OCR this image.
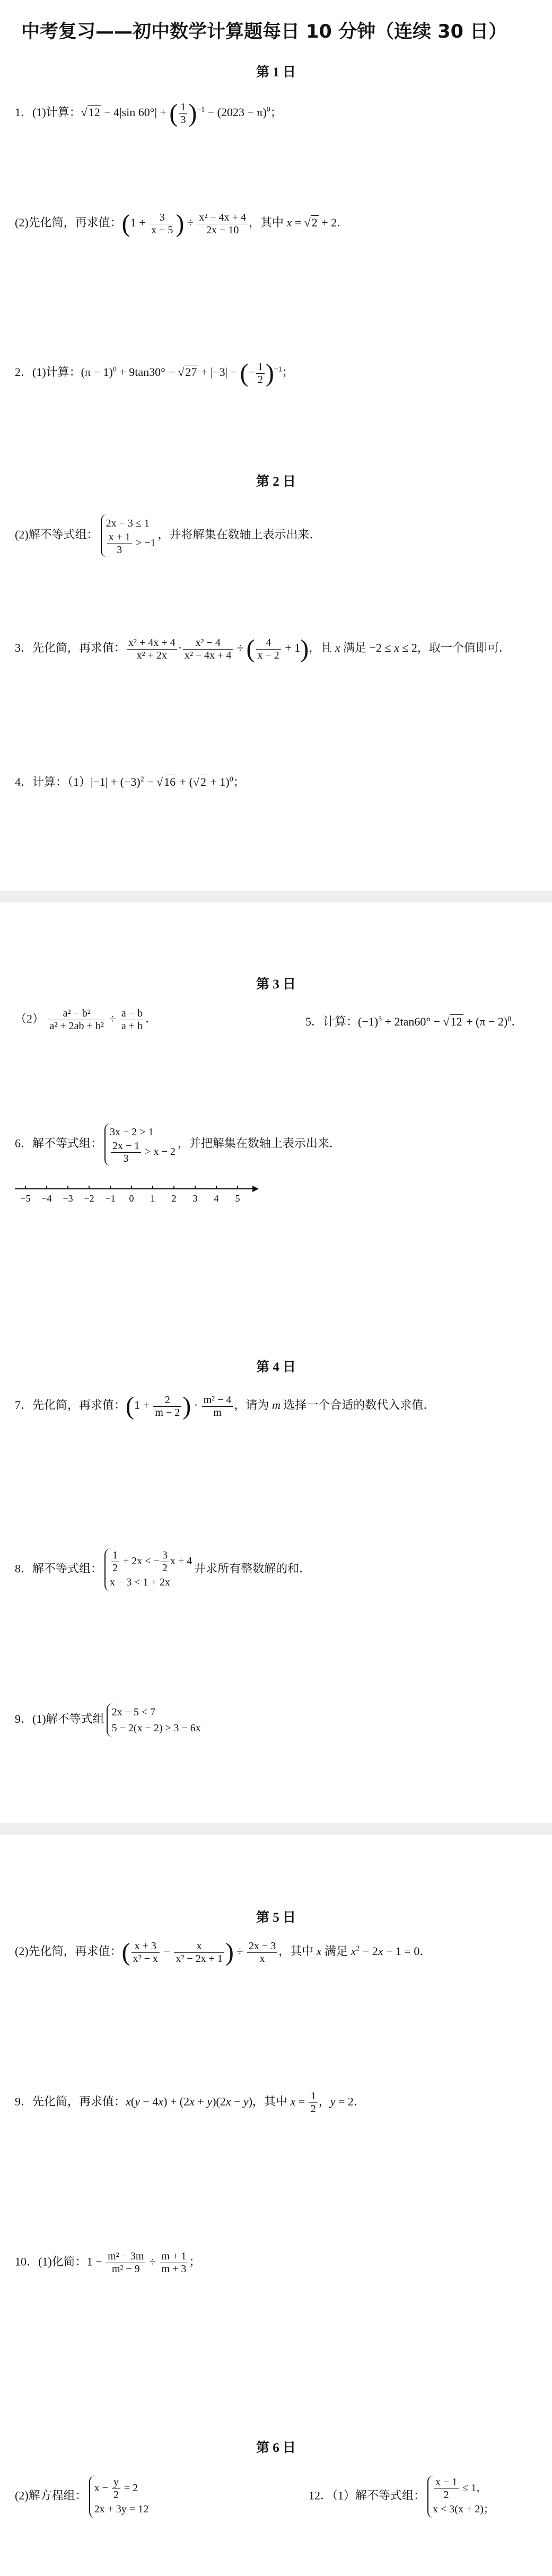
中考复习——初中数学计算题每日 10 分钟（连续 30 日）
第 1 日
1．(1)计算：√12 − 4|sin 60°| + ( $\frac{1}{3} )^{-1} - (2023 - \pi)^0$；
(2)先化简，再求值：($1 + \frac{3}{x - 5}$ ) ÷ $\frac{\text{x² − 4x + 4}}{2x - 10}$ ，其中 x = √2 + 2．
2．(1)计算：$(\pi - 1)^0 + 9\tan 30^\circ - √27 + |-3|$ − (− $\frac{1}{2} )^{-1}$；
第 2 日
(2)解不等式组：
2x − 3 ≤ 1
$\frac{x + 1}{3} > -1$
，并将解集在数轴上表示出来．
3．先化简，再求值： $\frac{\text{x² + 4x + 4}}{\text{x² + 2x}} \cdot \frac{\text{x² − 4}}{\text{x² − 4x + 4}}$ ÷ ( $\frac{4}{x - 2} + 1$)，且 x 满足 −2 ≤ x ≤ 2，取一个值即可．
4．计算：$(1)|-1| + (-3)^2 - √16 + (√2 + 1)^0$；
第 3 日
$(2) \frac{\text{a² − b²}}{\text{a² + 2ab + b²}} \div \frac{a - b}{a + b}$ ．	5．计算：$(-1)^3 + 2\tan 60^\circ - √12 + (\pi - 2)^0$．
6．解不等式组：
3x − 2 > 1
$\frac{2x - 1}{3} > x - 2$
，并把解集在数轴上表示出来．
−5 −4 −3 −2 −1 0 1 2 3 4 5
第 4 日
7．先化简，再求值：($1 + \frac{2}{m - 2}$ ) · $\frac{\text{m² − 4}}{m}$ ，请为 m 选择一个合适的数代入求值．
8．解不等式组： $\frac{1}{2} + 2x$ < − $\frac{3}{2}$ x + 4
x − 3 < 1 + 2x
并求所有整数解的和．
9．(1)解不等式组
2x − 5 < 7
5 − 2(x − 2) ≥ 3 − 6x
第 5 日
(2)先化简，再求值：( $\frac{x + 3}{\text{x² − x}} - \frac{x}{\text{x² − 2x + 1}}$ ) ÷ $\frac{2x - 3}{x}$ ，其中 x 满足 $x^2 - 2x - 1 = 0$．
9．先化简，再求值：x(y − 4x) + (2x + y)(2x − y)，其中 $x = \frac{1}{2}$ ，y = 2．
10．(1)化简：$1 - \frac{\text{m² − 3m}}{\text{m² − 9}} \div \frac{m + 1}{m + 3}$ ；
第 6 日
(2)解方程组：
$x - \frac{y}{2} = 2$
2x + 3y = 12
12．（1）解不等式组： $\frac{x - 1}{2} \le 1$，
x < 3(x + 2)；
